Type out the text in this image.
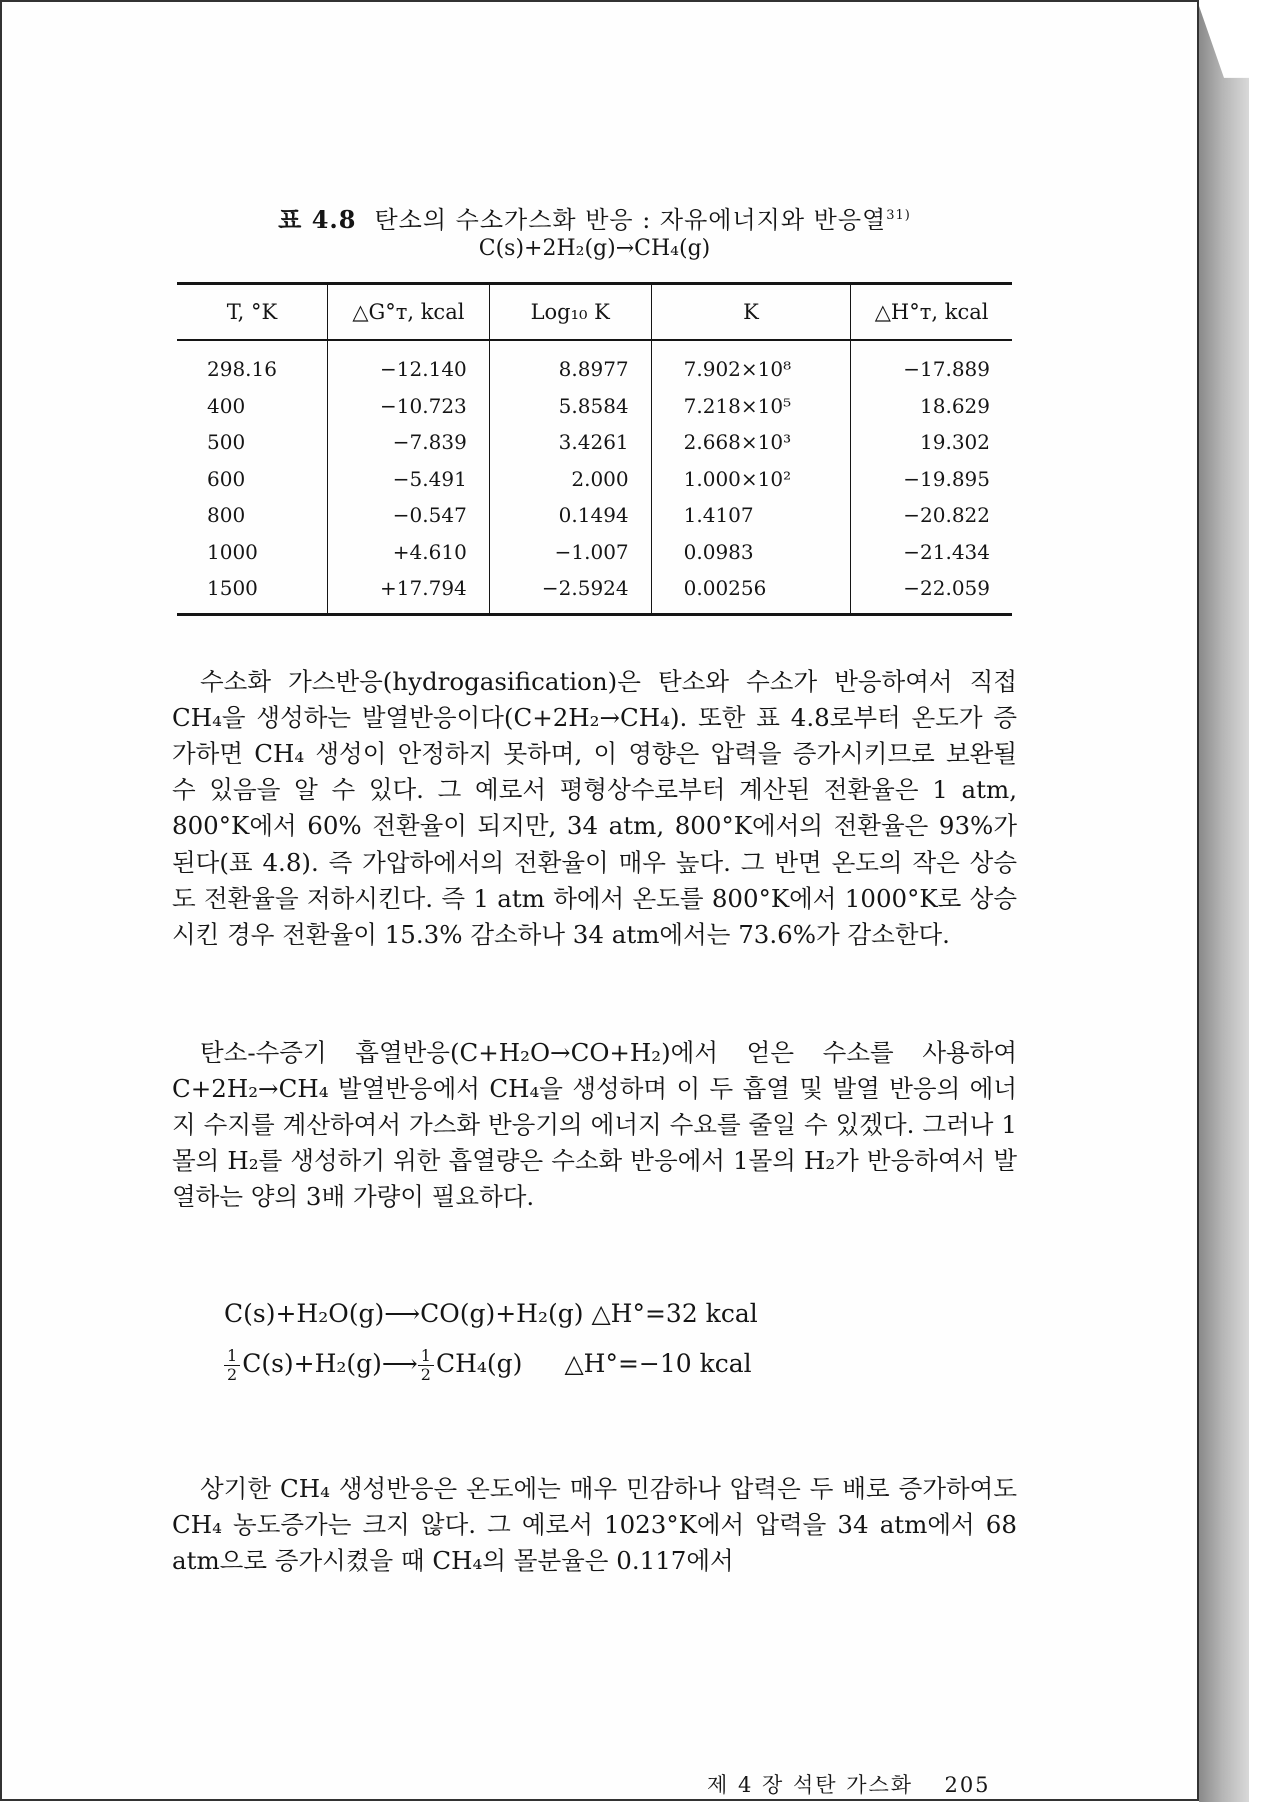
표 4.8 탄소의 수소가스화 반응 : 자유에너지와 반응열$^{31)}$
C(s)+2H₂(g)→CH₄(g)
T, °K	△G°ᴛ, kcal	Log₁₀ K	K	△H°ᴛ, kcal
298.16	−12.140	8.8977	7.902×10⁸	−17.889
400	−10.723	5.8584	7.218×10⁵	18.629
500	−7.839	3.4261	2.668×10³	19.302
600	−5.491	2.000	1.000×10²	−19.895
800	−0.547	0.1494	1.4107	−20.822
1000	+4.610	−1.007	0.0983	−21.434
1500	+17.794	−2.5924	0.00256	−22.059

수소화 가스반응(hydrogasification)은 탄소와 수소가 반응하여서 직접 CH₄을 생성하는 발열반응이다(C+2H₂→CH₄). 또한 표 4.8로부터 온도가 증가하면 CH₄ 생성이 안정하지 못하며, 이 영향은 압력을 증가시키므로 보완될 수 있음을 알 수 있다. 그 예로서 평형상수로부터 계산된 전환율은 1 atm, 800°K에서 60% 전환율이 되지만, 34 atm, 800°K에서의 전환율은 93%가 된다(표 4.8). 즉 가압하에서의 전환율이 매우 높다. 그 반면 온도의 작은 상승도 전환율을 저하시킨다. 즉 1 atm 하에서 온도를 800°K에서 1000°K로 상승시킨 경우 전환율이 15.3% 감소하나 34 atm에서는 73.6%가 감소한다.

탄소-수증기 흡열반응(C+H₂O→CO+H₂)에서 얻은 수소를 사용하여 C+2H₂→CH₄ 발열반응에서 CH₄을 생성하며 이 두 흡열 및 발열 반응의 에너지 수지를 계산하여서 가스화 반응기의 에너지 수요를 줄일 수 있겠다. 그러나 1몰의 H₂를 생성하기 위한 흡열량은 수소화 반응에서 1몰의 H₂가 반응하여서 발열하는 양의 3배 가량이 필요하다.

C(s)+H₂O(g)⟶CO(g)+H₂(g) △H°=32 kcal
$\frac{1}{2}$ C(s)+H₂(g)⟶ $\frac{1}{2} CH_4(g)$ △H°=−10 kcal

상기한 CH₄ 생성반응은 온도에는 매우 민감하나 압력은 두 배로 증가하여도 CH₄ 농도증가는 크지 않다. 그 예로서 1023°K에서 압력을 34 atm에서 68 atm으로 증가시켰을 때 CH₄의 몰분율은 0.117에서

제 4 장 석탄 가스화 205
